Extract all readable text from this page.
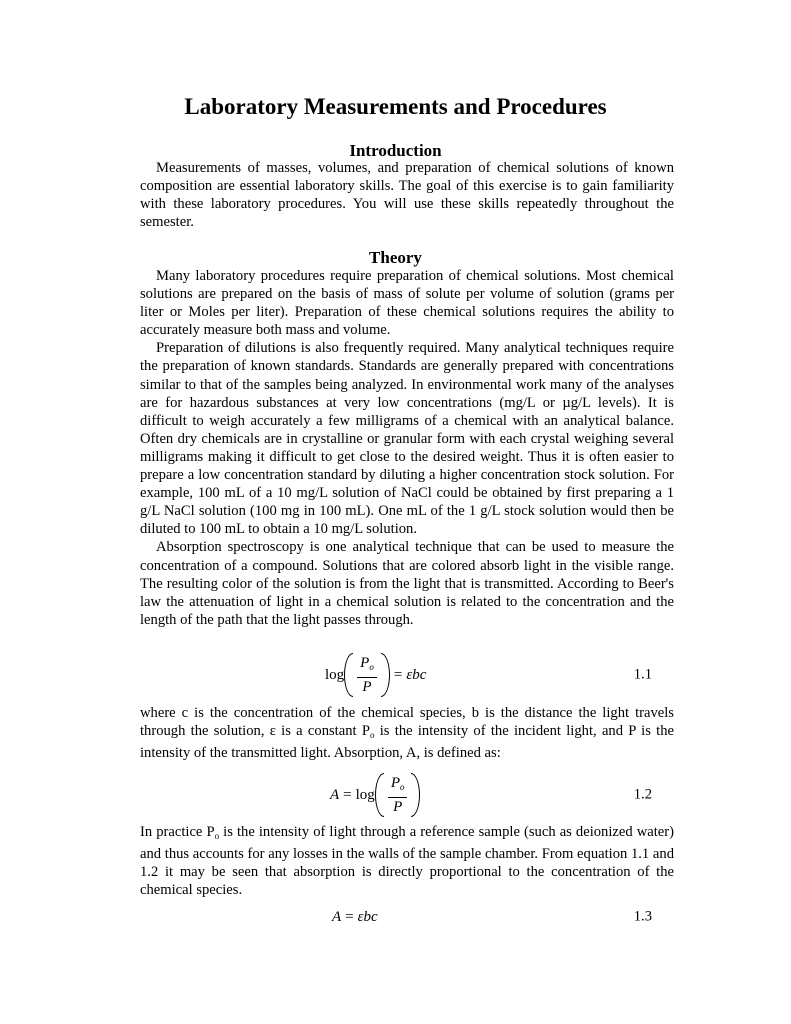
Laboratory Measurements and Procedures
Introduction

Measurements of masses, volumes, and preparation of chemical solutions of known composition are essential laboratory skills. The goal of this exercise is to gain familiarity with these laboratory procedures. You will use these skills repeatedly throughout the semester.

Theory

Many laboratory procedures require preparation of chemical solutions. Most chemical solutions are prepared on the basis of mass of solute per volume of solution (grams per liter or Moles per liter). Preparation of these chemical solutions requires the ability to accurately measure both mass and volume.

Preparation of dilutions is also frequently required. Many analytical techniques require the preparation of known standards. Standards are generally prepared with concentrations similar to that of the samples being analyzed. In environmental work many of the analyses are for hazardous substances at very low concentrations (mg/L or µg/L levels). It is difficult to weigh accurately a few milligrams of a chemical with an analytical balance. Often dry chemicals are in crystalline or granular form with each crystal weighing several milligrams making it difficult to get close to the desired weight. Thus it is often easier to prepare a low concentration standard by diluting a higher concentration stock solution. For example, 100 mL of a 10 mg/L solution of NaCl could be obtained by first preparing a 1 g/L NaCl solution (100 mg in 100 mL). One mL of the 1 g/L stock solution would then be diluted to 100 mL to obtain a 10 mg/L solution.

Absorption spectroscopy is one analytical technique that can be used to measure the concentration of a compound. Solutions that are colored absorb light in the visible range. The resulting color of the solution is from the light that is transmitted. According to Beer's law the attenuation of light in a chemical solution is related to the concentration and the length of the path that the light passes through.

$\log \frac{P_o}{P} = \varepsilon bc$	1.1

where c is the concentration of the chemical species, b is the distance the light travels through the solution, ε is a constant $P_o$ is the intensity of the incident light, and P is the intensity of the transmitted light. Absorption, A, is defined as:

$A = \log \frac{P_o}{P}$	1.2

In practice $P_o$ is the intensity of light through a reference sample (such as deionized water) and thus accounts for any losses in the walls of the sample chamber. From equation 1.1 and 1.2 it may be seen that absorption is directly proportional to the concentration of the chemical species.

A = εbc	1.3
